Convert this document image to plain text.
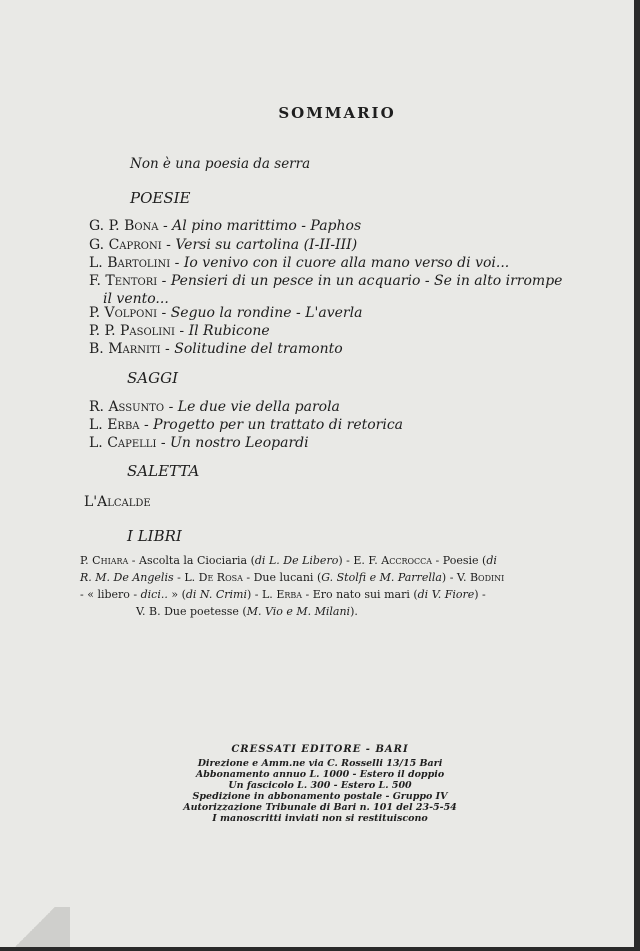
SOMMARIO
Non è una poesia da serra
POESIE
G. P. Bona - Al pino marittimo - Paphos
G. Caproni - Versi su cartolina (I-II-III)
L. Bartolini - Io venivo con il cuore alla mano verso di voi...
F. Tentori - Pensieri di un pesce in un acquario - Se in alto irrompe
il vento...
P. Volponi - Seguo la rondine - L'averla
P. P. Pasolini - Il Rubicone
B. Marniti - Solitudine del tramonto
SAGGI
R. Assunto - Le due vie della parola
L. Erba - Progetto per un trattato di retorica
L. Capelli - Un nostro Leopardi
SALETTA
L'Alcalde
I LIBRI
P. Chiara - Ascolta la Ciociaria (di L. De Libero) - E. F. Accrocca - Poesie (di
R. M. De Angelis - L. De Rosa - Due lucani (G. Stolfi e M. Parrella) - V. Bodini
- « libero - dici.. » (di N. Crimi) - L. Erba - Ero nato sui mari (di V. Fiore) -
V. B. Due poetesse (M. Vio e M. Milani).
CRESSATI EDITORE - BARI
Direzione e Amm.ne via C. Rosselli 13/15 Bari
Abbonamento annuo L. 1000 - Estero il doppio
Un fascicolo L. 300 - Estero L. 500
Spedizione in abbonamento postale - Gruppo IV
Autorizzazione Tribunale di Bari n. 101 del 23-5-54
I manoscritti inviati non si restituiscono
